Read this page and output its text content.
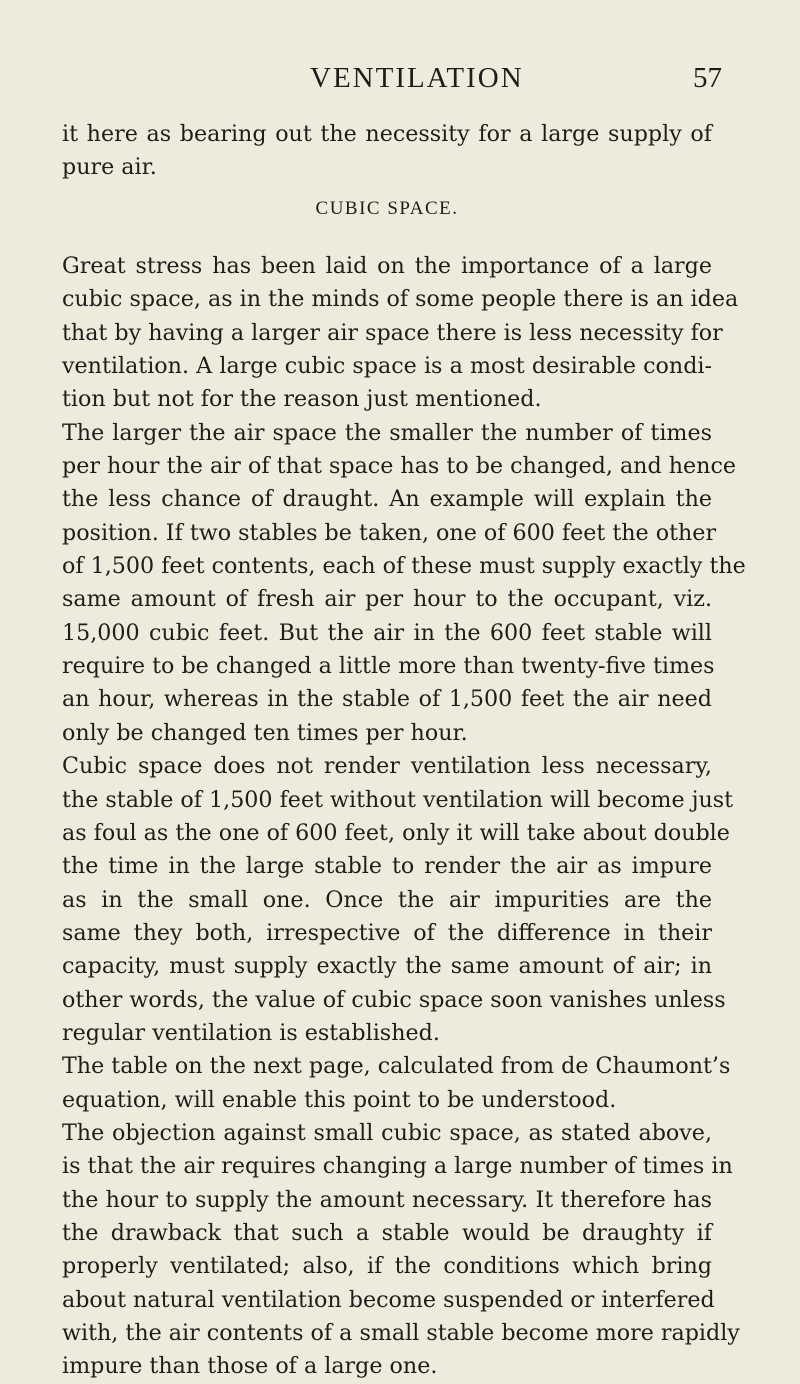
VENTILATION	57
it here as bearing out the necessity for a large supply of
pure air.
CUBIC SPACE.
Great stress has been laid on the importance of a large
cubic space, as in the minds of some people there is an idea
that by having a larger air space there is less necessity for
ventilation. A large cubic space is a most desirable condi-
tion but not for the reason just mentioned.
The larger the air space the smaller the number of times
per hour the air of that space has to be changed, and hence
the less chance of draught. An example will explain the
position. If two stables be taken, one of 600 feet the other
of 1,500 feet contents, each of these must supply exactly the
same amount of fresh air per hour to the occupant, viz.
15,000 cubic feet. But the air in the 600 feet stable will
require to be changed a little more than twenty-five times
an hour, whereas in the stable of 1,500 feet the air need
only be changed ten times per hour.
Cubic space does not render ventilation less necessary,
the stable of 1,500 feet without ventilation will become just
as foul as the one of 600 feet, only it will take about double
the time in the large stable to render the air as impure
as in the small one. Once the air impurities are the
same they both, irrespective of the difference in their
capacity, must supply exactly the same amount of air; in
other words, the value of cubic space soon vanishes unless
regular ventilation is established.
The table on the next page, calculated from de Chaumont’s
equation, will enable this point to be understood.
The objection against small cubic space, as stated above,
is that the air requires changing a large number of times in
the hour to supply the amount necessary. It therefore has
the drawback that such a stable would be draughty if
properly ventilated; also, if the conditions which bring
about natural ventilation become suspended or interfered
with, the air contents of a small stable become more rapidly
impure than those of a large one.
